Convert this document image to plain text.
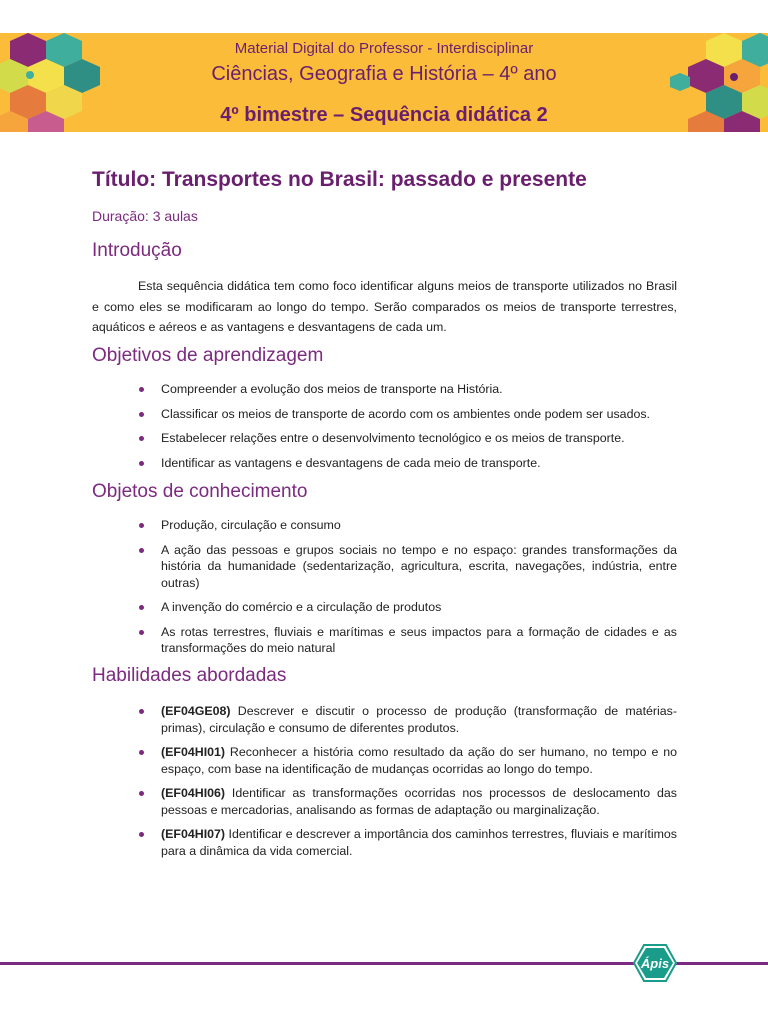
Material Digital do Professor - Interdisciplinar
Ciências, Geografia e História – 4º ano
4º bimestre – Sequência didática 2
Título: Transportes no Brasil: passado e presente
Duração: 3 aulas
Introdução

Esta sequência didática tem como foco identificar alguns meios de transporte utilizados no Brasil e como eles se modificaram ao longo do tempo. Serão comparados os meios de transporte terrestres, aquáticos e aéreos e as vantagens e desvantagens de cada um.

Objetivos de aprendizagem
Compreender a evolução dos meios de transporte na História.
Classificar os meios de transporte de acordo com os ambientes onde podem ser usados.
Estabelecer relações entre o desenvolvimento tecnológico e os meios de transporte.
Identificar as vantagens e desvantagens de cada meio de transporte.
Objetos de conhecimento
Produção, circulação e consumo
A ação das pessoas e grupos sociais no tempo e no espaço: grandes transformações da história da humanidade (sedentarização, agricultura, escrita, navegações, indústria, entre outras)
A invenção do comércio e a circulação de produtos
As rotas terrestres, fluviais e marítimas e seus impactos para a formação de cidades e as transformações do meio natural
Habilidades abordadas
(EF04GE08) Descrever e discutir o processo de produção (transformação de matérias-primas), circulação e consumo de diferentes produtos.
(EF04HI01) Reconhecer a história como resultado da ação do ser humano, no tempo e no espaço, com base na identificação de mudanças ocorridas ao longo do tempo.
(EF04HI06) Identificar as transformações ocorridas nos processos de deslocamento das pessoas e mercadorias, analisando as formas de adaptação ou marginalização.
(EF04HI07) Identificar e descrever a importância dos caminhos terrestres, fluviais e marítimos para a dinâmica da vida comercial.
Ápis
